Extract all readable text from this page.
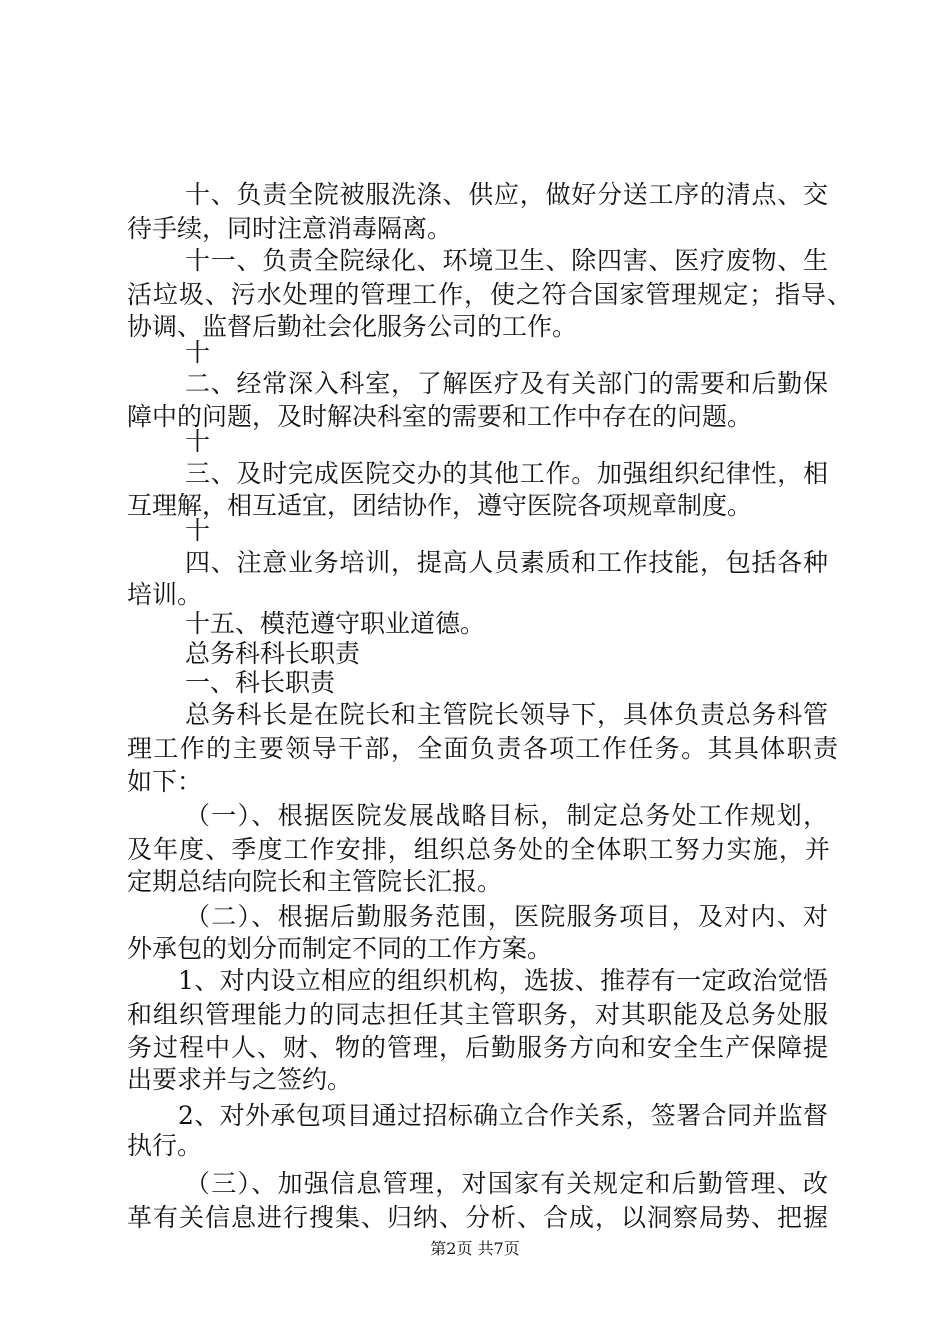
十、负责全院被服洗涤、供应，做好分送工序的清点、交

待手续，同时注意消毒隔离。

十一、负责全院绿化、环境卫生、除四害、医疗废物、生

活垃圾、污水处理的管理工作，使之符合国家管理规定；指导、

协调、监督后勤社会化服务公司的工作。

十

二、经常深入科室，了解医疗及有关部门的需要和后勤保

障中的问题，及时解决科室的需要和工作中存在的问题。

十

三、及时完成医院交办的其他工作。加强组织纪律性，相

互理解，相互适宜，团结协作，遵守医院各项规章制度。

十

四、注意业务培训，提高人员素质和工作技能，包括各种

培训。

十五、模范遵守职业道德。

总务科科长职责

一、科长职责

总务科长是在院长和主管院长领导下，具体负责总务科管

理工作的主要领导干部，全面负责各项工作任务。其具体职责

如下：

（一）、根据医院发展战略目标，制定总务处工作规划，

及年度、季度工作安排，组织总务处的全体职工努力实施，并

定期总结向院长和主管院长汇报。

（二）、根据后勤服务范围，医院服务项目，及对内、对

外承包的划分而制定不同的工作方案。

1、对内设立相应的组织机构，选拔、推荐有一定政治觉悟

和组织管理能力的同志担任其主管职务，对其职能及总务处服

务过程中人、财、物的管理，后勤服务方向和安全生产保障提

出要求并与之签约。

2、对外承包项目通过招标确立合作关系，签署合同并监督

执行。

（三）、加强信息管理，对国家有关规定和后勤管理、改

革有关信息进行搜集、归纳、分析、合成，以洞察局势、把握

第2页 共7页
